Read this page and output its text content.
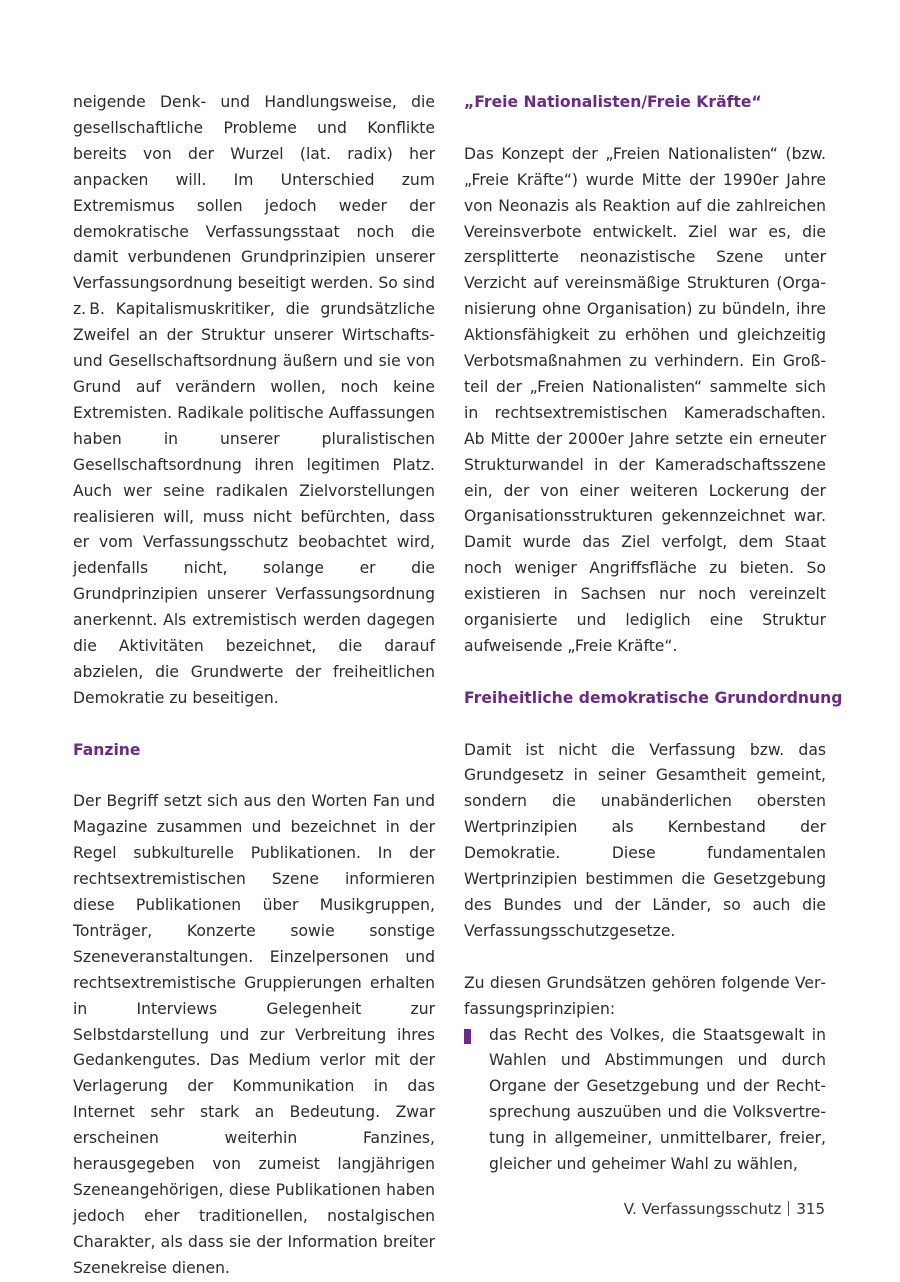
neigende Denk- und Handlungsweise, die gesellschaftliche Probleme und Konflikte bereits von der Wurzel (lat. radix) her anpacken will. Im Unterschied zum Extremismus sollen jedoch weder der demokratische Verfassungsstaat noch die damit verbundenen Grundprinzipien unserer Verfassungsordnung beseitigt werden. So sind z. B. Kapitalismuskritiker, die grundsätzliche Zweifel an der Struktur unserer Wirtschafts- und Gesellschaftsordnung äußern und sie von Grund auf verändern wollen, noch keine Extremisten. Radikale politische Auffassungen haben in unserer pluralistischen Gesellschaftsordnung ihren legitimen Platz. Auch wer seine radikalen Zielvorstellungen realisieren will, muss nicht befürchten, dass er vom Verfassungsschutz beobachtet wird, jedenfalls nicht, solange er die Grundprinzipien unserer Verfassungsordnung anerkennt. Als extremistisch werden dagegen die Aktivitäten bezeichnet, die darauf abzielen, die Grundwerte der freiheitlichen Demokratie zu beseitigen.

Fanzine

Der Begriff setzt sich aus den Worten Fan und Magazine zusammen und bezeichnet in der Regel subkulturelle Publikationen. In der rechtsextremistischen Szene informieren diese Publikationen über Musikgruppen, Tonträger, Konzerte sowie sonstige Szeneveranstaltungen. Einzelpersonen und rechtsextremistische Gruppierungen erhalten in Interviews Gelegenheit zur Selbstdarstellung und zur Verbreitung ihres Gedankengutes. Das Medium verlor mit der Verlagerung der Kommunikation in das Internet sehr stark an Bedeutung. Zwar erscheinen weiterhin Fanzines, herausgegeben von zumeist langjährigen Szeneangehörigen, diese Publikationen haben jedoch eher traditionellen, nostalgischen Charakter, als dass sie der Information breiter Szenekreise dienen.

„Freie Nationalisten/Freie Kräfte“

Das Konzept der „Freien Nationalisten“ (bzw. „Freie Kräfte“) wurde Mitte der 1990er Jahre von Neonazis als Reaktion auf die zahlreichen Vereinsverbote entwickelt. Ziel war es, die zersplitterte neonazistische Szene unter Verzicht auf vereinsmäßige Strukturen (Organisierung ohne Organisation) zu bündeln, ihre Aktionsfähigkeit zu erhöhen und gleichzeitig Verbotsmaßnahmen zu verhindern. Ein Großteil der „Freien Nationalisten“ sammelte sich in rechtsextremistischen Kameradschaften. Ab Mitte der 2000er Jahre setzte ein erneuter Strukturwandel in der Kameradschaftsszene ein, der von einer weiteren Lockerung der Organisationsstrukturen gekennzeichnet war. Damit wurde das Ziel verfolgt, dem Staat noch weniger Angriffsfläche zu bieten. So existieren in Sachsen nur noch vereinzelt organisierte und lediglich eine Struktur aufweisende „Freie Kräfte“.

Freiheitliche demokratische Grundordnung

Damit ist nicht die Verfassung bzw. das Grundgesetz in seiner Gesamtheit gemeint, sondern die unabänderlichen obersten Wertprinzipien als Kernbestand der Demokratie. Diese fundamentalen Wertprinzipien bestimmen die Gesetzgebung des Bundes und der Länder, so auch die Verfassungsschutzgesetze.

Zu diesen Grundsätzen gehören folgende Verfassungsprinzipien:

das Recht des Volkes, die Staatsgewalt in Wahlen und Abstimmungen und durch Organe der Gesetzgebung und der Rechtsprechung auszuüben und die Volksvertretung in allgemeiner, unmittelbarer, freier, gleicher und geheimer Wahl zu wählen,
V. Verfassungsschutz 315
